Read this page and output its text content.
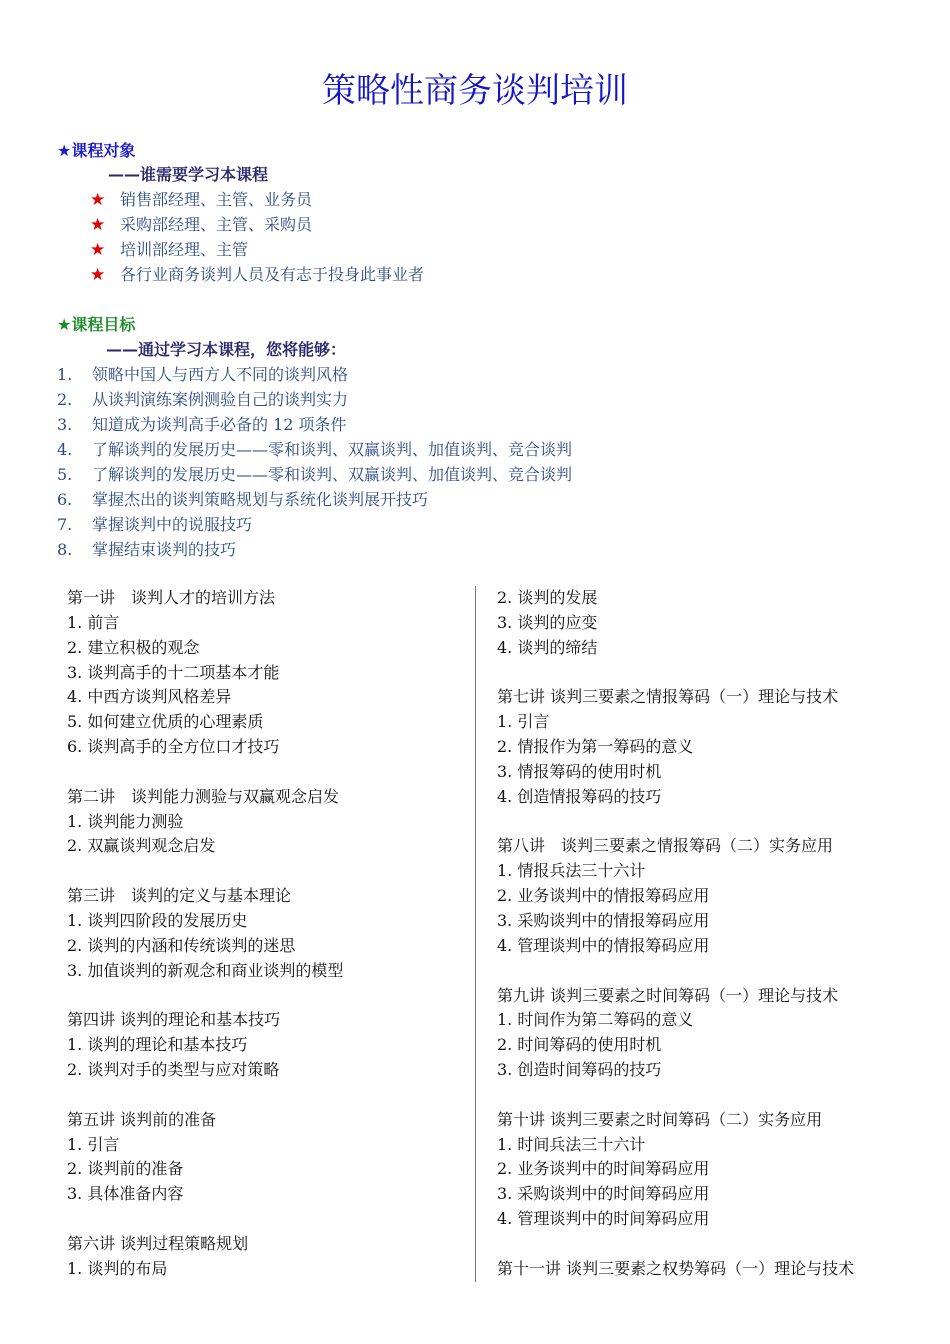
策略性商务谈判培训
★课程对象
——谁需要学习本课程
★ 销售部经理、主管、业务员
★ 采购部经理、主管、采购员
★ 培训部经理、主管
★ 各行业商务谈判人员及有志于投身此事业者
★课程目标
——通过学习本课程，您将能够：
1. 领略中国人与西方人不同的谈判风格
2. 从谈判演练案例测验自己的谈判实力
3. 知道成为谈判高手必备的 12 项条件
4. 了解谈判的发展历史——零和谈判、双赢谈判、加值谈判、竞合谈判
5. 了解谈判的发展历史——零和谈判、双赢谈判、加值谈判、竞合谈判
6. 掌握杰出的谈判策略规划与系统化谈判展开技巧
7. 掌握谈判中的说服技巧
8. 掌握结束谈判的技巧
第一讲　谈判人才的培训方法
1. 前言
2. 建立积极的观念
3. 谈判高手的十二项基本才能
4. 中西方谈判风格差异
5. 如何建立优质的心理素质
6. 谈判高手的全方位口才技巧
第二讲　谈判能力测验与双赢观念启发
1. 谈判能力测验
2. 双赢谈判观念启发
第三讲　谈判的定义与基本理论
1. 谈判四阶段的发展历史
2. 谈判的内涵和传统谈判的迷思
3. 加值谈判的新观念和商业谈判的模型
第四讲 谈判的理论和基本技巧
1. 谈判的理论和基本技巧
2. 谈判对手的类型与应对策略
第五讲 谈判前的准备
1. 引言
2. 谈判前的准备
3. 具体准备内容
第六讲 谈判过程策略规划
1. 谈判的布局
2. 谈判的发展
3. 谈判的应变
4. 谈判的缔结
第七讲 谈判三要素之情报筹码（一）理论与技术
1. 引言
2. 情报作为第一筹码的意义
3. 情报筹码的使用时机
4. 创造情报筹码的技巧
第八讲　谈判三要素之情报筹码（二）实务应用
1. 情报兵法三十六计
2. 业务谈判中的情报筹码应用
3. 采购谈判中的情报筹码应用
4. 管理谈判中的情报筹码应用
第九讲 谈判三要素之时间筹码（一）理论与技术
1. 时间作为第二筹码的意义
2. 时间筹码的使用时机
3. 创造时间筹码的技巧
第十讲 谈判三要素之时间筹码（二）实务应用
1. 时间兵法三十六计
2. 业务谈判中的时间筹码应用
3. 采购谈判中的时间筹码应用
4. 管理谈判中的时间筹码应用
第十一讲 谈判三要素之权势筹码（一）理论与技术
